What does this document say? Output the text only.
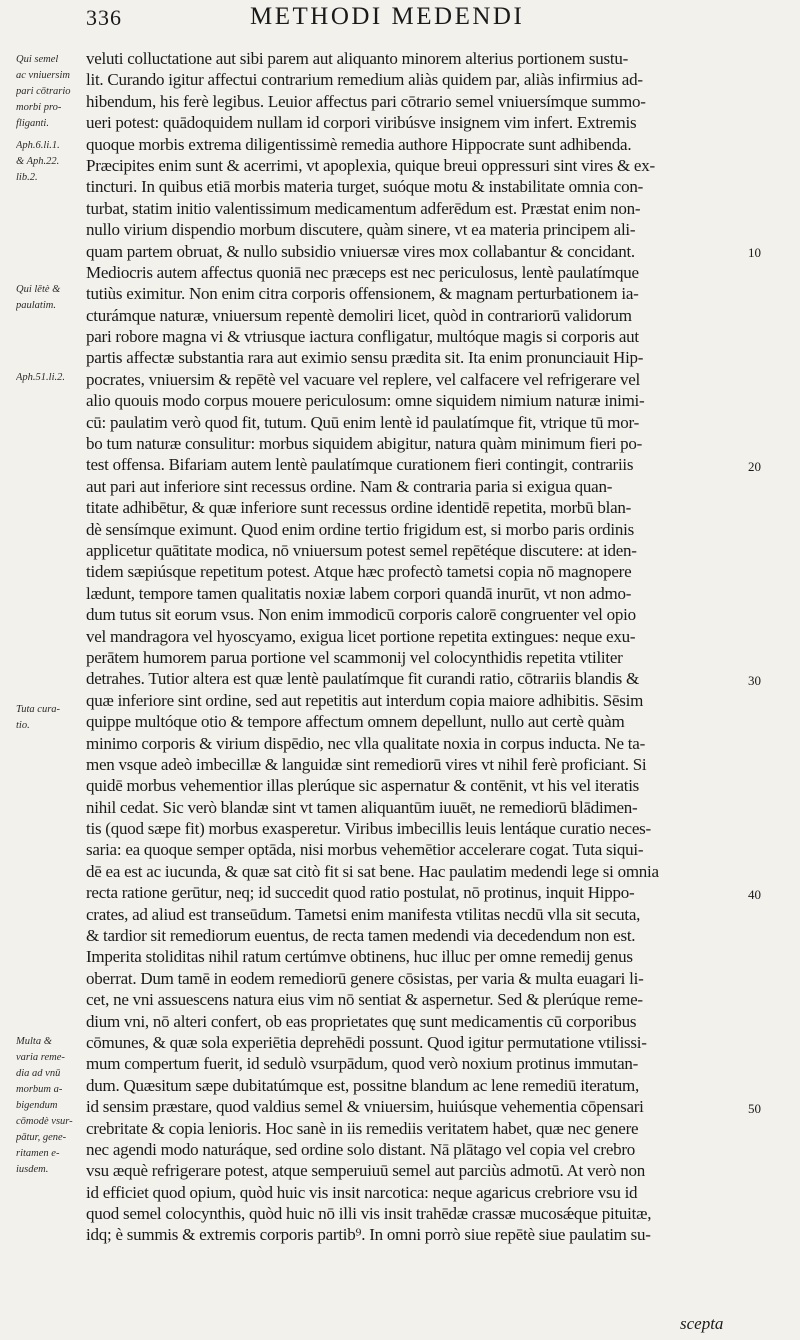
336	METHODI MEDENDI
Qui semel
ac vniuersim
pari cōtrario
morbi pro-
fliganti.
Aph.6.li.1.
& Aph.22.
lib.2.
Qui lētè &
paulatim.
Aph.51.li.2.
Tuta cura-
tio.
Multa &
varia reme-
dia ad vnū
morbum a-
bigendum
cōmodè vsur-
pātur, gene-
ritamen e-
iusdem.
veluti colluctatione aut sibi parem aut aliquanto minorem alterius portionem sustu-
lit. Curando igitur affectui contrarium remedium aliàs quidem par, aliàs infirmius ad-
hibendum, his ferè legibus. Leuior affectus pari cōtrario semel vniuersímque summo-
ueri potest: quādoquidem nullam id corpori viribúsve insignem vim infert. Extremis
quoque morbis extrema diligentissimè remedia authore Hippocrate sunt adhibenda.
Præcipites enim sunt & acerrimi, vt apoplexia, quique breui oppressuri sint vires & ex-
tincturi. In quibus etiā morbis materia turget, suóque motu & instabilitate omnia con-
turbat, statim initio valentissimum medicamentum adferēdum est. Præstat enim non-
nullo virium dispendio morbum discutere, quàm sinere, vt ea materia principem ali-
quam partem obruat, & nullo subsidio vniuersæ vires mox collabantur & concidant.
Mediocris autem affectus quoniā nec præceps est nec periculosus, lentè paulatímque
tutiùs eximitur. Non enim citra corporis offensionem, & magnam perturbationem ia-
cturámque naturæ, vniuersum repentè demoliri licet, quòd in contrariorū validorum
pari robore magna vi & vtriusque iactura confligatur, multóque magis si corporis aut
partis affectæ substantia rara aut eximio sensu prædita sit. Ita enim pronunciauit Hip-
pocrates, vniuersim & repētè vel vacuare vel replere, vel calfacere vel refrigerare vel
alio quouis modo corpus mouere periculosum: omne siquidem nimium naturæ inimi-
cū: paulatim verò quod fit, tutum. Quū enim lentè id paulatímque fit, vtrique tū mor-
bo tum naturæ consulitur: morbus siquidem abigitur, natura quàm minimum fieri po-
test offensa. Bifariam autem lentè paulatímque curationem fieri contingit, contrariis
aut pari aut inferiore sint recessus ordine. Nam & contraria paria si exigua quan-
titate adhibētur, & quæ inferiore sunt recessus ordine identidē repetita, morbū blan-
dè sensímque eximunt. Quod enim ordine tertio frigidum est, si morbo paris ordinis
applicetur quātitate modica, nō vniuersum potest semel repētéque discutere: at iden-
tidem sæpiúsque repetitum potest. Atque hæc profectò tametsi copia nō magnopere
lædunt, tempore tamen qualitatis noxiæ labem corpori quandā inurūt, vt non admo-
dum tutus sit eorum vsus. Non enim immodicū corporis calorē congruenter vel opio
vel mandragora vel hyoscyamo, exigua licet portione repetita extingues: neque exu-
perātem humorem parua portione vel scammonij vel colocynthidis repetita vtiliter
detrahes. Tutior altera est quæ lentè paulatímque fit curandi ratio, cōtrariis blandis &
quæ inferiore sint ordine, sed aut repetitis aut interdum copia maiore adhibitis. Sēsim
quippe multóque otio & tempore affectum omnem depellunt, nullo aut certè quàm
minimo corporis & virium dispēdio, nec vlla qualitate noxia in corpus inducta. Ne ta-
men vsque adeò imbecillæ & languidæ sint remediorū vires vt nihil ferè proficiant. Si
quidē morbus vehementior illas plerúque sic aspernatur & contēnit, vt his vel iteratis
nihil cedat. Sic verò blandæ sint vt tamen aliquantūm iuuēt, ne remediorū blādimen-
tis (quod sæpe fit) morbus exasperetur. Viribus imbecillis leuis lentáque curatio neces-
saria: ea quoque semper optāda, nisi morbus vehemētior accelerare cogat. Tuta siqui-
dē ea est ac iucunda, & quæ sat citò fit si sat bene. Hac paulatim medendi lege si omnia
recta ratione gerūtur, neq; id succedit quod ratio postulat, nō protinus, inquit Hippo-
crates, ad aliud est transeūdum. Tametsi enim manifesta vtilitas necdū vlla sit secuta,
& tardior sit remediorum euentus, de recta tamen medendi via decedendum non est.
Imperita stoliditas nihil ratum certúmve obtinens, huc illuc per omne remedij genus
oberrat. Dum tamē in eodem remediorū genere cōsistas, per varia & multa euagari li-
cet, ne vni assuescens natura eius vim nō sentiat & aspernetur. Sed & plerúque reme-
dium vni, nō alteri confert, ob eas proprietates quę sunt medicamentis cū corporibus
cōmunes, & quæ sola experiētia deprehēdi possunt. Quod igitur permutatione vtilissi-
mum compertum fuerit, id sedulò vsurpādum, quod verò noxium protinus immutan-
dum. Quæsitum sæpe dubitatúmque est, possitne blandum ac lene remediū iteratum,
id sensim præstare, quod valdius semel & vniuersim, huiúsque vehementia cōpensari
crebritate & copia lenioris. Hoc sanè in iis remediis veritatem habet, quæ nec genere
nec agendi modo naturáque, sed ordine solo distant. Nā plātago vel copia vel crebro
vsu æquè refrigerare potest, atque semperuiuū semel aut parciùs admotū. At verò non
id efficiet quod opium, quòd huic vis insit narcotica: neque agaricus crebriore vsu id
quod semel colocynthis, quòd huic nō illi vis insit trahēdæ crassæ mucosǽque pituitæ,
idq; è summis & extremis corporis partib⁹. In omni porrò siue repētè siue paulatim su-
10
20
30
40
50
scepta
